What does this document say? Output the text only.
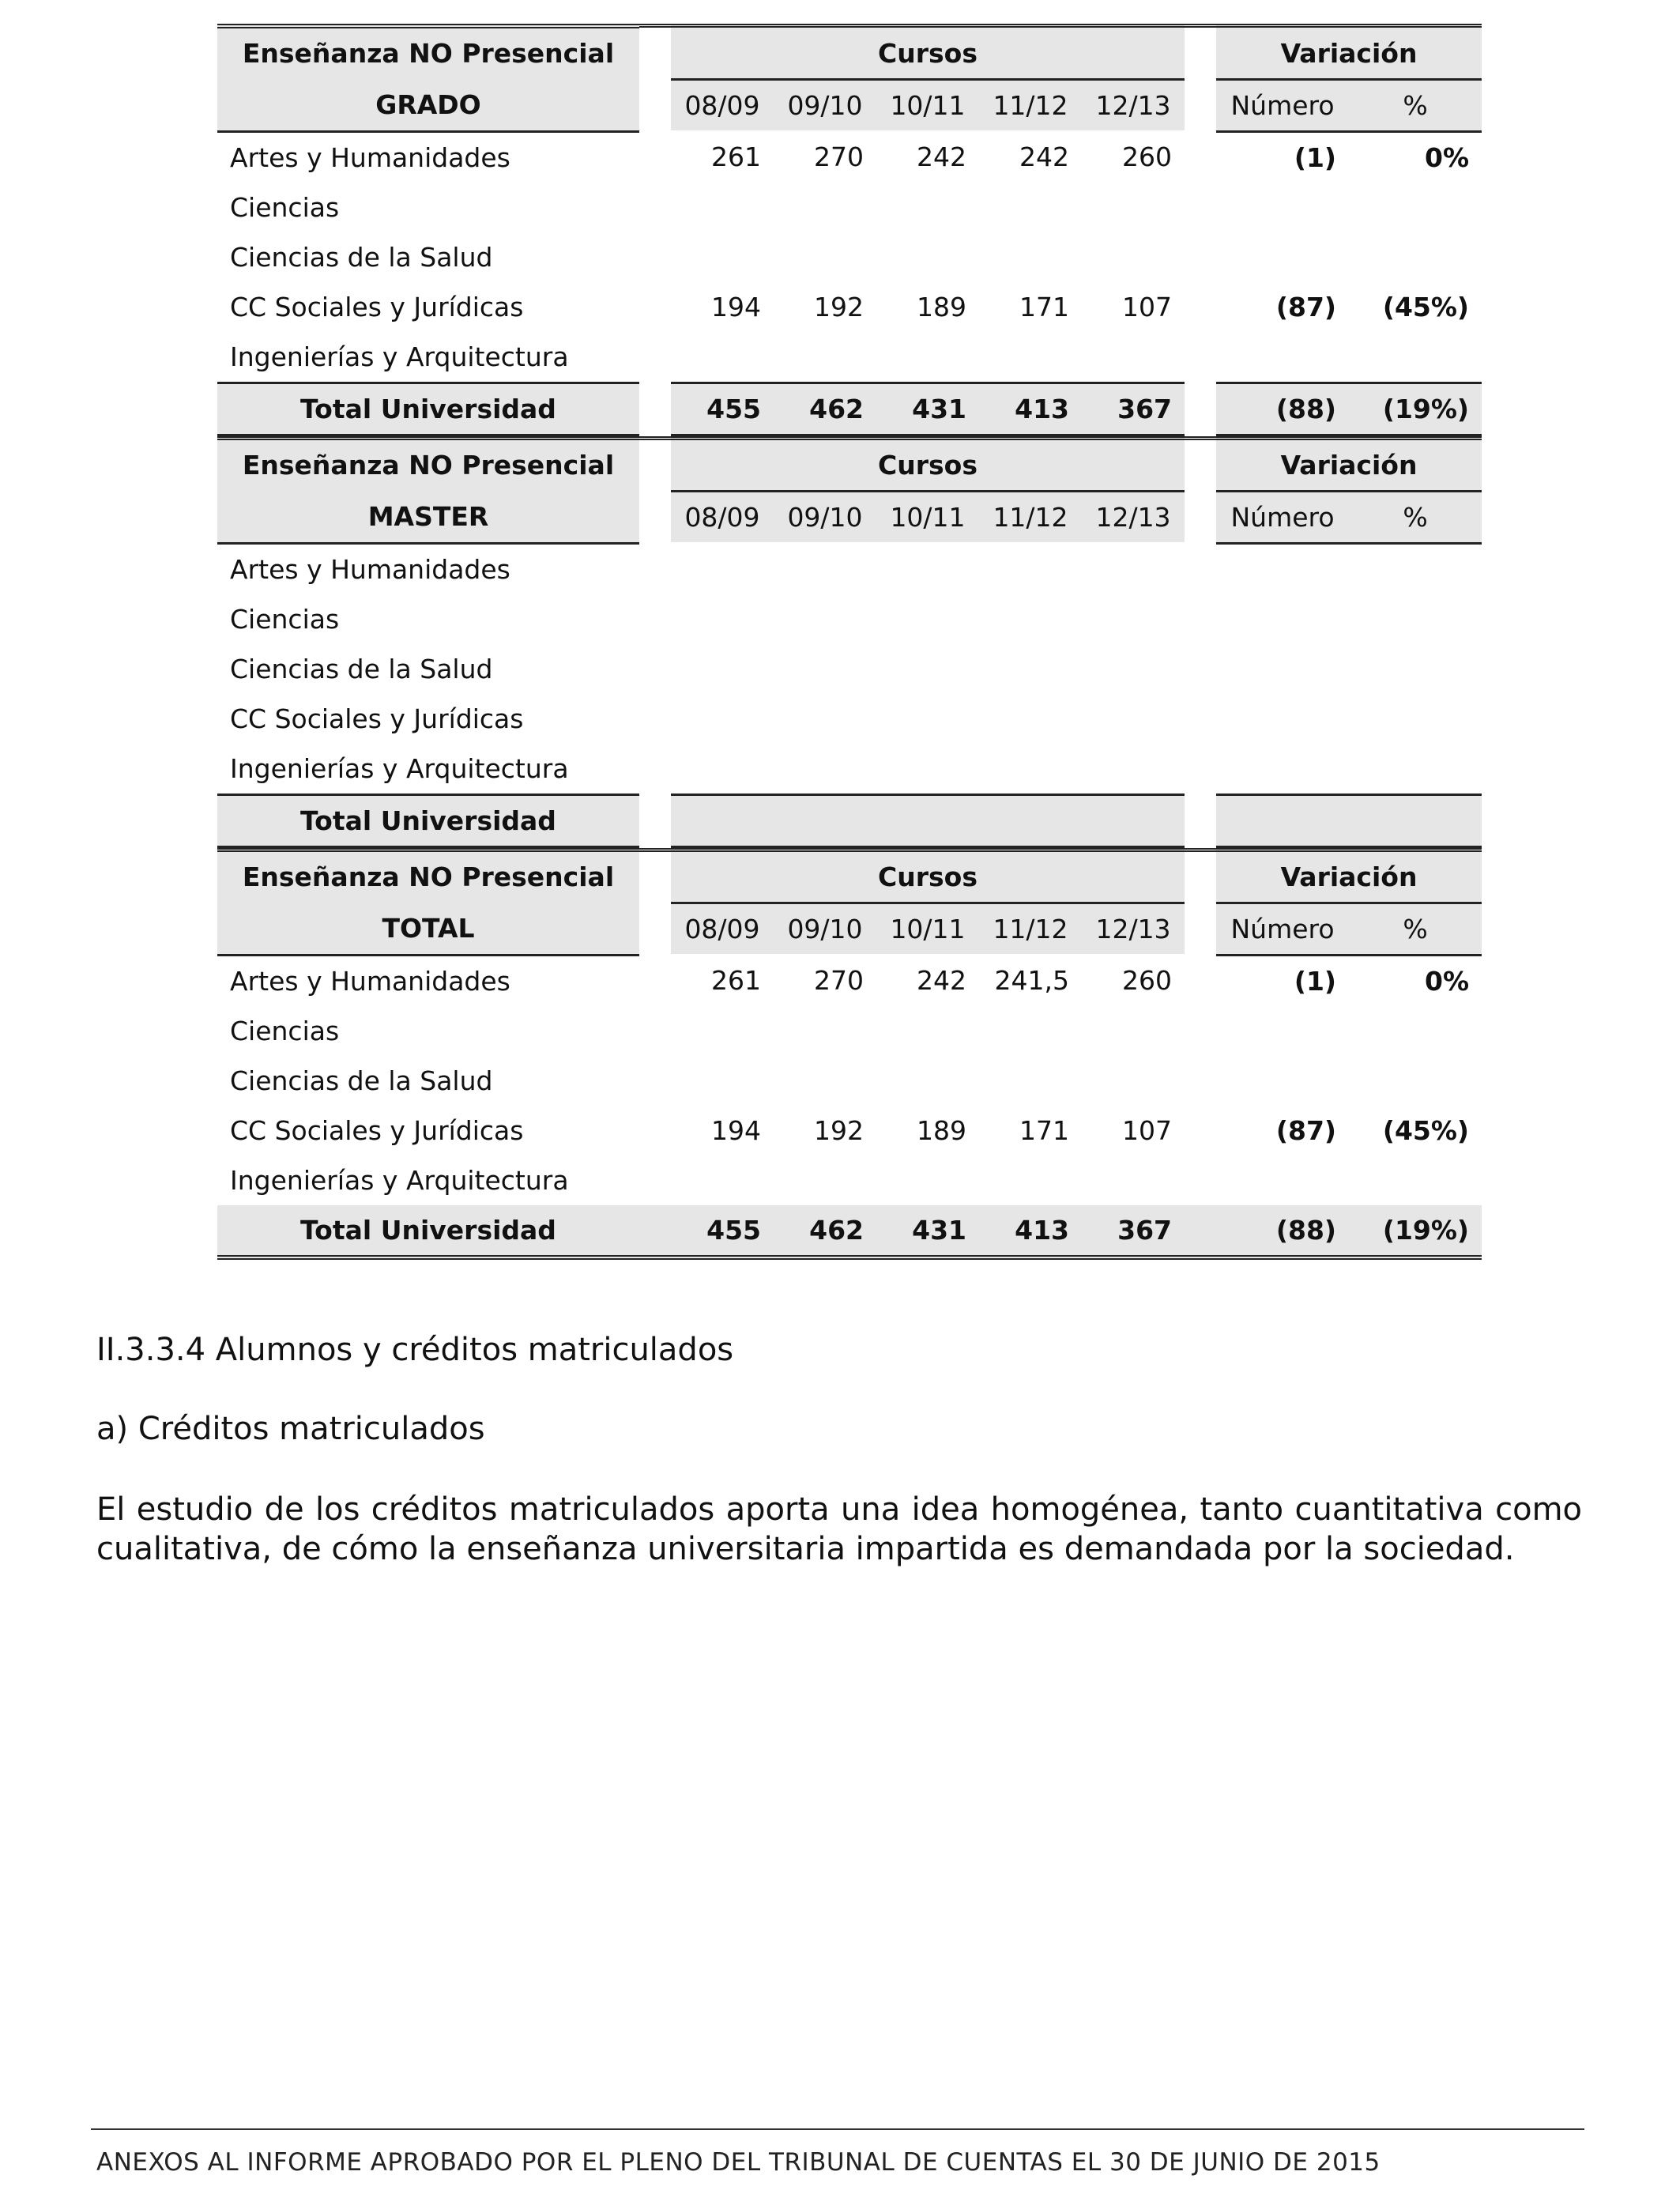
Enseñanza NO Presencial		Cursos						Variación	
GRADO		08/09	09/10	10/11	11/12	12/13		Número	%
Artes y Humanidades		261	270	242	242	260		(1)	0%
Ciencias									
Ciencias de la Salud									
CC Sociales y Jurídicas		194	192	189	171	107		(87)	(45%)
Ingenierías y Arquitectura									
Total Universidad		455	462	431	413	367		(88)	(19%)
Enseñanza NO Presencial		Cursos						Variación	
MASTER		08/09	09/10	10/11	11/12	12/13		Número	%
Artes y Humanidades									
Ciencias									
Ciencias de la Salud									
CC Sociales y Jurídicas									
Ingenierías y Arquitectura									
Total Universidad									
Enseñanza NO Presencial		Cursos						Variación	
TOTAL		08/09	09/10	10/11	11/12	12/13		Número	%
Artes y Humanidades		261	270	242	241,5	260		(1)	0%
Ciencias									
Ciencias de la Salud									
CC Sociales y Jurídicas		194	192	189	171	107		(87)	(45%)
Ingenierías y Arquitectura									
Total Universidad		455	462	431	413	367		(88)	(19%)
II.3.3.4 Alumnos y créditos matriculados
a) Créditos matriculados
El estudio de los créditos matriculados aporta una idea homogénea, tanto cuantitativa como cualitativa, de cómo la enseñanza universitaria impartida es demandada por la sociedad.
ANEXOS AL INFORME APROBADO POR EL PLENO DEL TRIBUNAL DE CUENTAS EL 30 DE JUNIO DE 2015
